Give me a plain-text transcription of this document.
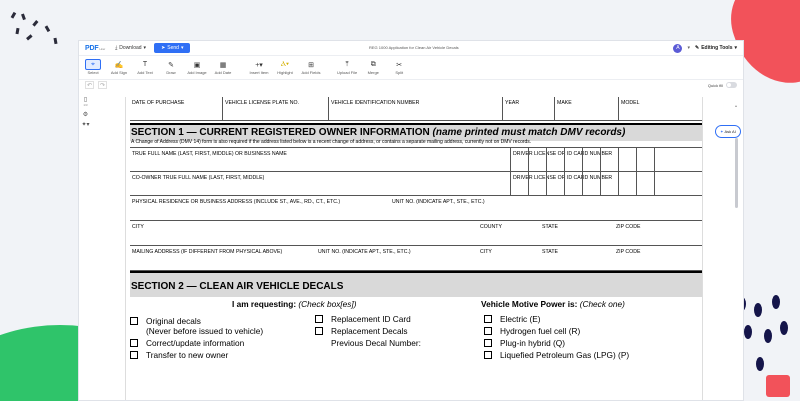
PDFLiner ⤓ Download ▾	➤ Send ▾	REG 1000 Application for Clean Air Vehicle Decals	A	▾ ✎ Editing Tools ▾
⌖
Select
✍
Add Sign
T
Add Text
✎
Draw
▣
Add Image
▦
Add Date
+▾
Insert Item
Ⲁ▾
Highlight
⊞
Add Fields
⤒
Upload File
⧉
Merge
✂
Split
↶	↷	Quick fill
▯
1/3
⚙
✦▾
DATE OF PURCHASE	VEHICLE LICENSE PLATE NO.	VEHICLE IDENTIFICATION NUMBER	YEAR	MAKE	MODEL
SECTION 1 — CURRENT REGISTERED OWNER INFORMATION (name printed must match DMV records)
A Change of Address (DMV 14) form is also required if the address listed below is a recent change of address, or contains a separate mailing address, currently not on DMV records.
TRUE FULL NAME (LAST, FIRST, MIDDLE) OR BUSINESS NAME	DRIVER LICENSE OR ID CARD NUMBER
CO-OWNER TRUE FULL NAME (LAST, FIRST, MIDDLE)	DRIVER LICENSE OR ID CARD NUMBER
PHYSICAL RESIDENCE OR BUSINESS ADDRESS (INCLUDE ST., AVE., RD., CT., ETC.)	UNIT NO. (INDICATE APT., STE., ETC.)
CITY	COUNTY	STATE	ZIP CODE
MAILING ADDRESS (IF DIFFERENT FROM PHYSICAL ABOVE)	UNIT NO. (INDICATE APT., STE., ETC.)	CITY	STATE	ZIP CODE
SECTION 2 — CLEAN AIR VEHICLE DECALS
I am requesting: (Check box[es])	Vehicle Motive Power is: (Check one)
Original decals
(Never before issued to vehicle)
Correct/update information
Transfer to new owner
Replacement ID Card
Replacement Decals
Previous Decal Number:
Electric (E)
Hydrogen fuel cell (R)
Plug-in hybrid (Q)
Liquefied Petroleum Gas (LPG) (P)
✦ Ask AI
▴
